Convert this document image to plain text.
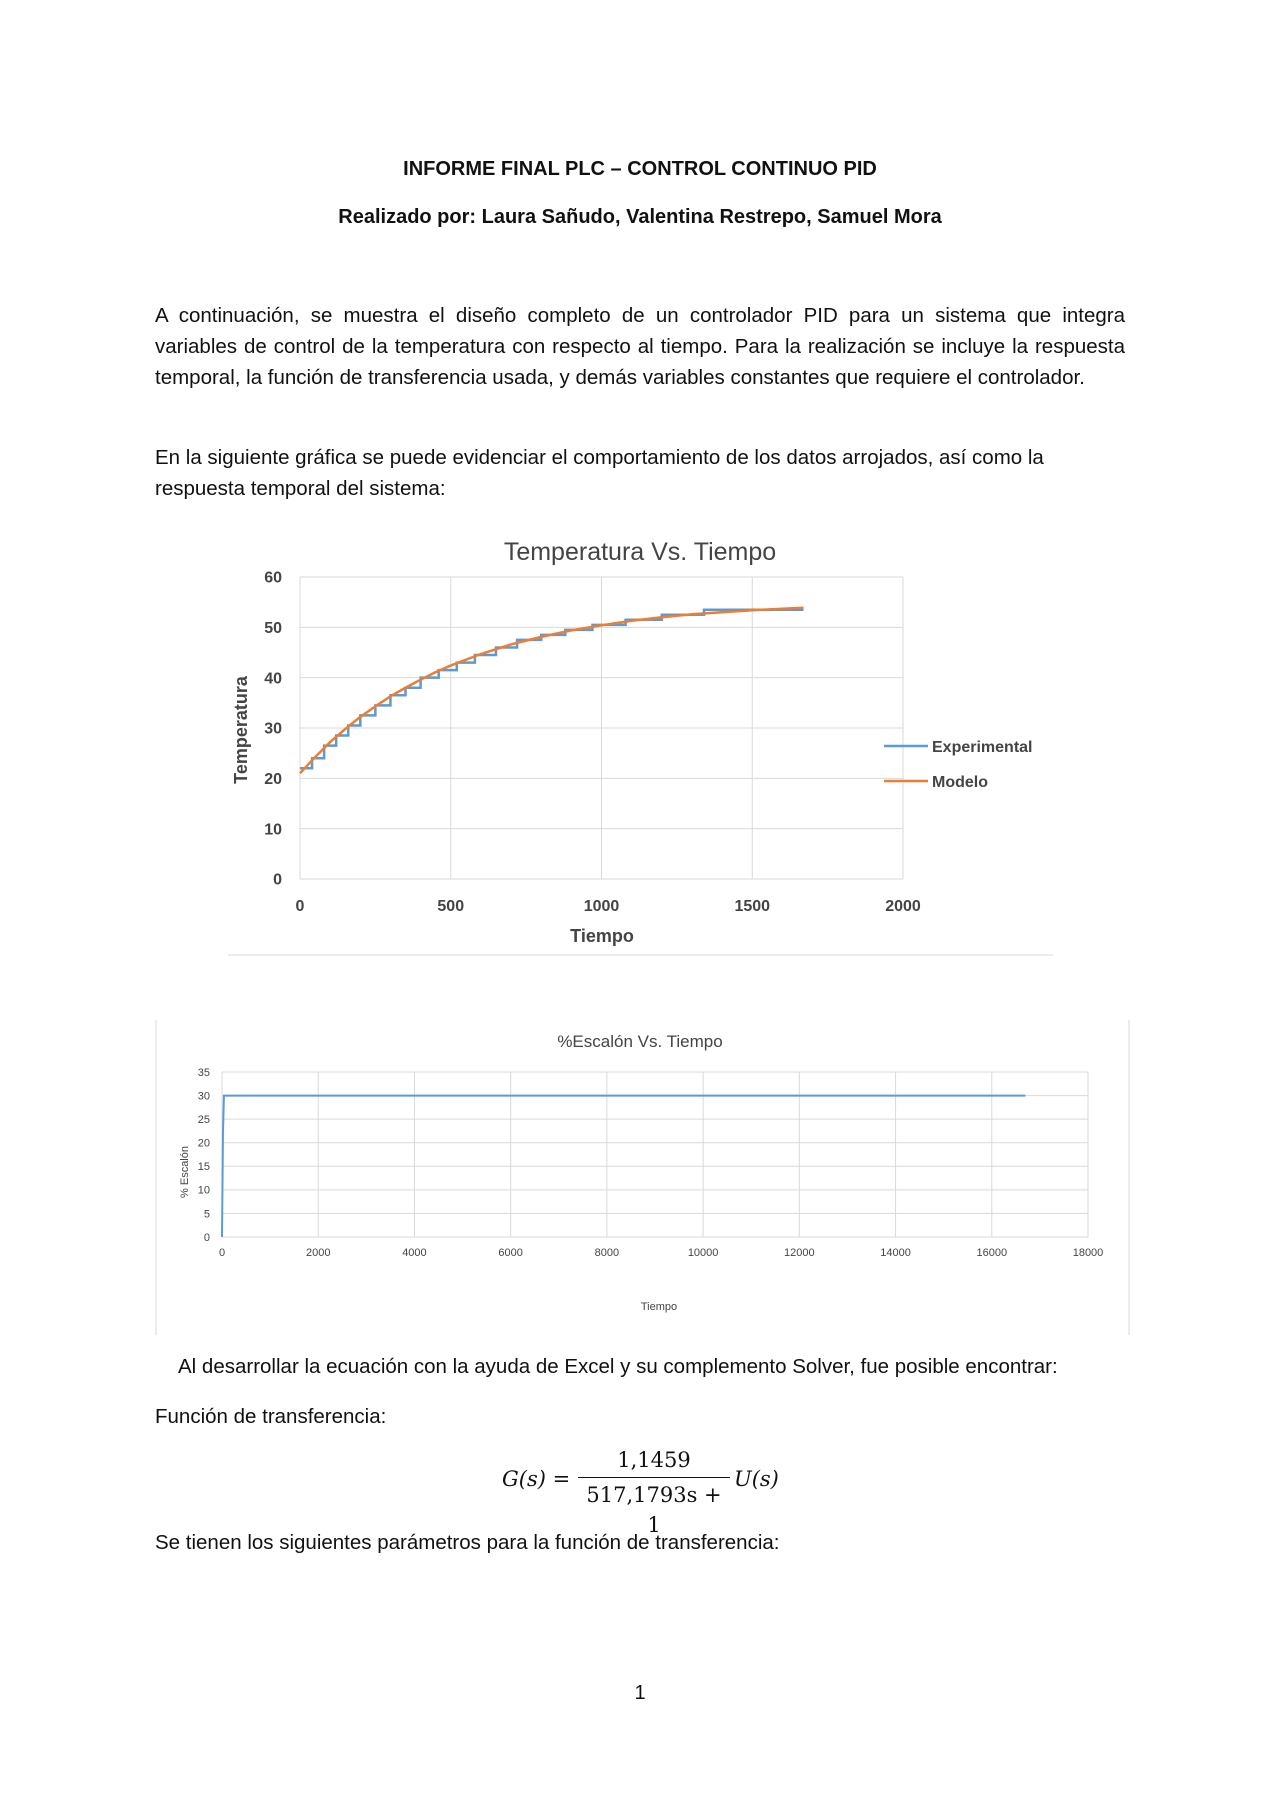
INFORME FINAL PLC – CONTROL CONTINUO PID
Realizado por: Laura Sañudo, Valentina Restrepo, Samuel Mora

A continuación, se muestra el diseño completo de un controlador PID para un sistema que integra variables de control de la temperatura con respecto al tiempo. Para la realización se incluye la respuesta temporal, la función de transferencia usada, y demás variables constantes que requiere el controlador.

En la siguiente gráfica se puede evidenciar el comportamiento de los datos arrojados, así como la respuesta temporal del sistema:

Temperatura Vs. Tiempo
0
10
20
30
40
50
60
0	500	1000	1500	2000
Tiempo
Temperatura	Experimental
Modelo
%Escalón Vs. Tiempo
0
5
10
15
20
25
30
35
0	2000	4000	6000	8000	10000	12000	14000	16000	18000
Tiempo
% Escalón

Al desarrollar la ecuación con la ayuda de Excel y su complemento Solver, fue posible encontrar:

Función de transferencia:

G(s) =
1,1459
517,1793s + 1
U(s)

Se tienen los siguientes parámetros para la función de transferencia:

1
